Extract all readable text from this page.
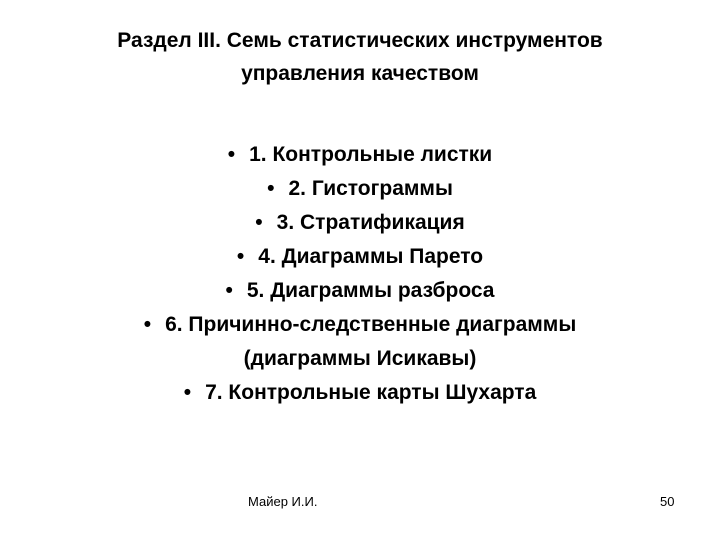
Раздел III. Семь статистических инструментов
управления качеством
• 1. Контрольные листки
• 2. Гистограммы
• 3. Стратификация
• 4. Диаграммы Парето
• 5. Диаграммы разброса
• 6. Причинно-следственные диаграммы
(диаграммы Исикавы)
• 7. Контрольные карты Шухарта
Майер И.И.	50
